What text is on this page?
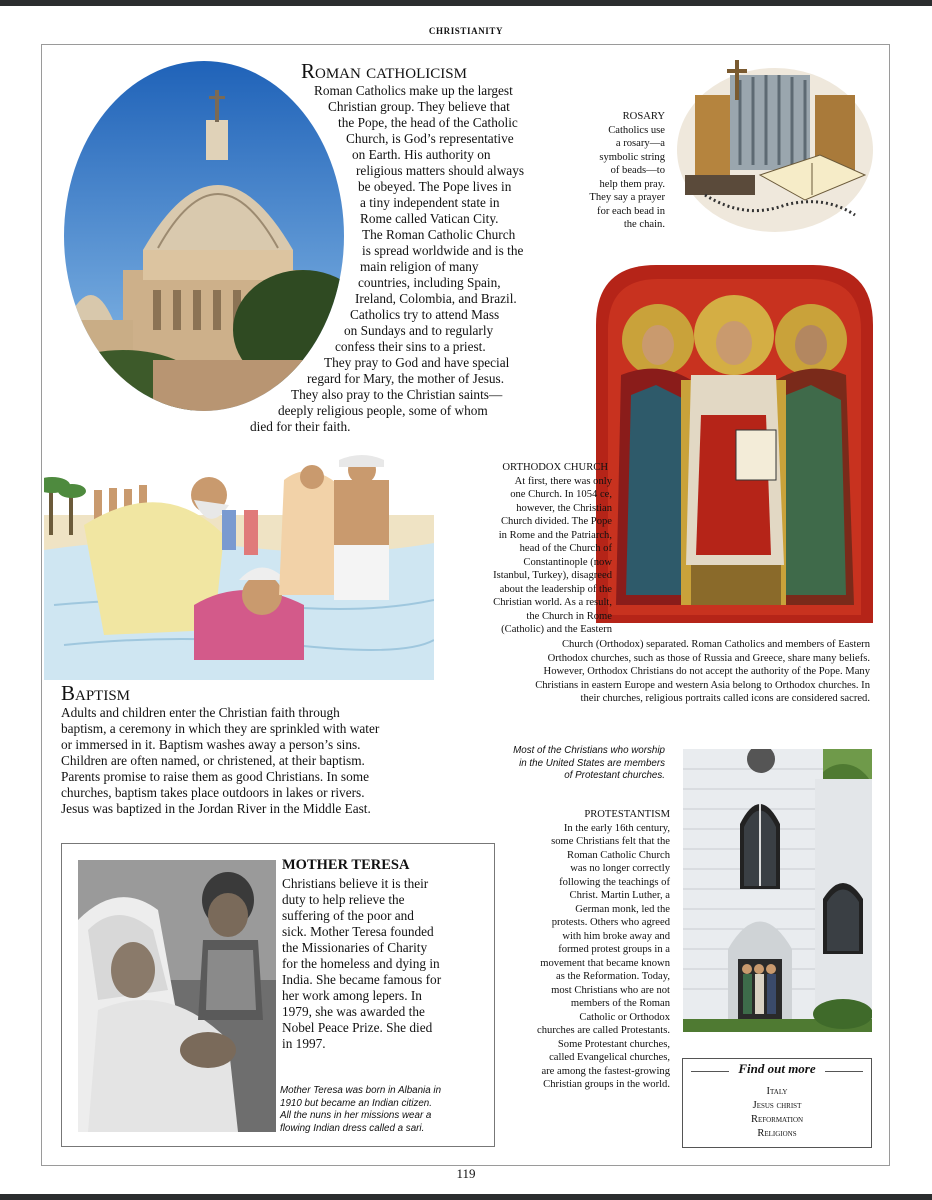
CHRISTIANITY
Roman catholicism
Roman Catholics make up the largest
Christian group. They believe that
the Pope, the head of the Catholic
Church, is God’s representative
on Earth. His authority on
religious matters should always
be obeyed. The Pope lives in
a tiny independent state in
Rome called Vatican City.
The Roman Catholic Church
is spread worldwide and is the
main religion of many
countries, including Spain,
Ireland, Colombia, and Brazil.
Catholics try to attend Mass
on Sundays and to regularly
confess their sins to a priest.
They pray to God and have special
regard for Mary, the mother of Jesus.
They also pray to the Christian saints—
deeply religious people, some of whom
died for their faith.
ROSARY
Catholics use
a rosary—a
symbolic string
of beads—to
help them pray.
They say a prayer
for each bead in
the chain.
ORTHODOX CHURCH
At first, there was only
one Church. In 1054 ce,
however, the Christian
Church divided. The Pope
in Rome and the Patriarch,
head of the Church of
Constantinople (now
Istanbul, Turkey), disagreed
about the leadership of the
Christian world. As a result,
the Church in Rome
(Catholic) and the Eastern
Church (Orthodox) separated. Roman Catholics and members of Eastern
Orthodox churches, such as those of Russia and Greece, share many beliefs.
However, Orthodox Christians do not accept the authority of the Pope. Many
Christians in eastern Europe and western Asia belong to Orthodox churches. In
their churches, religious portraits called icons are considered sacred.
Baptism
Adults and children enter the Christian faith through
baptism, a ceremony in which they are sprinkled with water
or immersed in it. Baptism washes away a person’s sins.
Children are often named, or christened, at their baptism.
Parents promise to raise them as good Christians. In some
churches, baptism takes place outdoors in lakes or rivers.
Jesus was baptized in the Jordan River in the Middle East.
Most of the Christians who worship
in the United States are members
of Protestant churches.
PROTESTANTISM
In the early 16th century,
some Christians felt that the
Roman Catholic Church
was no longer correctly
following the teachings of
Christ. Martin Luther, a
German monk, led the
protests. Others who agreed
with him broke away and
formed protest groups in a
movement that became known
as the Reformation. Today,
most Christians who are not
members of the Roman
Catholic or Orthodox
churches are called Protestants.
Some Protestant churches,
called Evangelical churches,
are among the fastest-growing
Christian groups in the world.
MOTHER TERESA
Christians believe it is their
duty to help relieve the
suffering of the poor and
sick. Mother Teresa founded
the Missionaries of Charity
for the homeless and dying in
India. She became famous for
her work among lepers. In
1979, she was awarded the
Nobel Peace Prize. She died
in 1997.
Mother Teresa was born in Albania in
1910 but became an Indian citizen.
All the nuns in her missions wear a
flowing Indian dress called a sari.
Find out more
Italy
Jesus christ
Reformation
Religions
119
